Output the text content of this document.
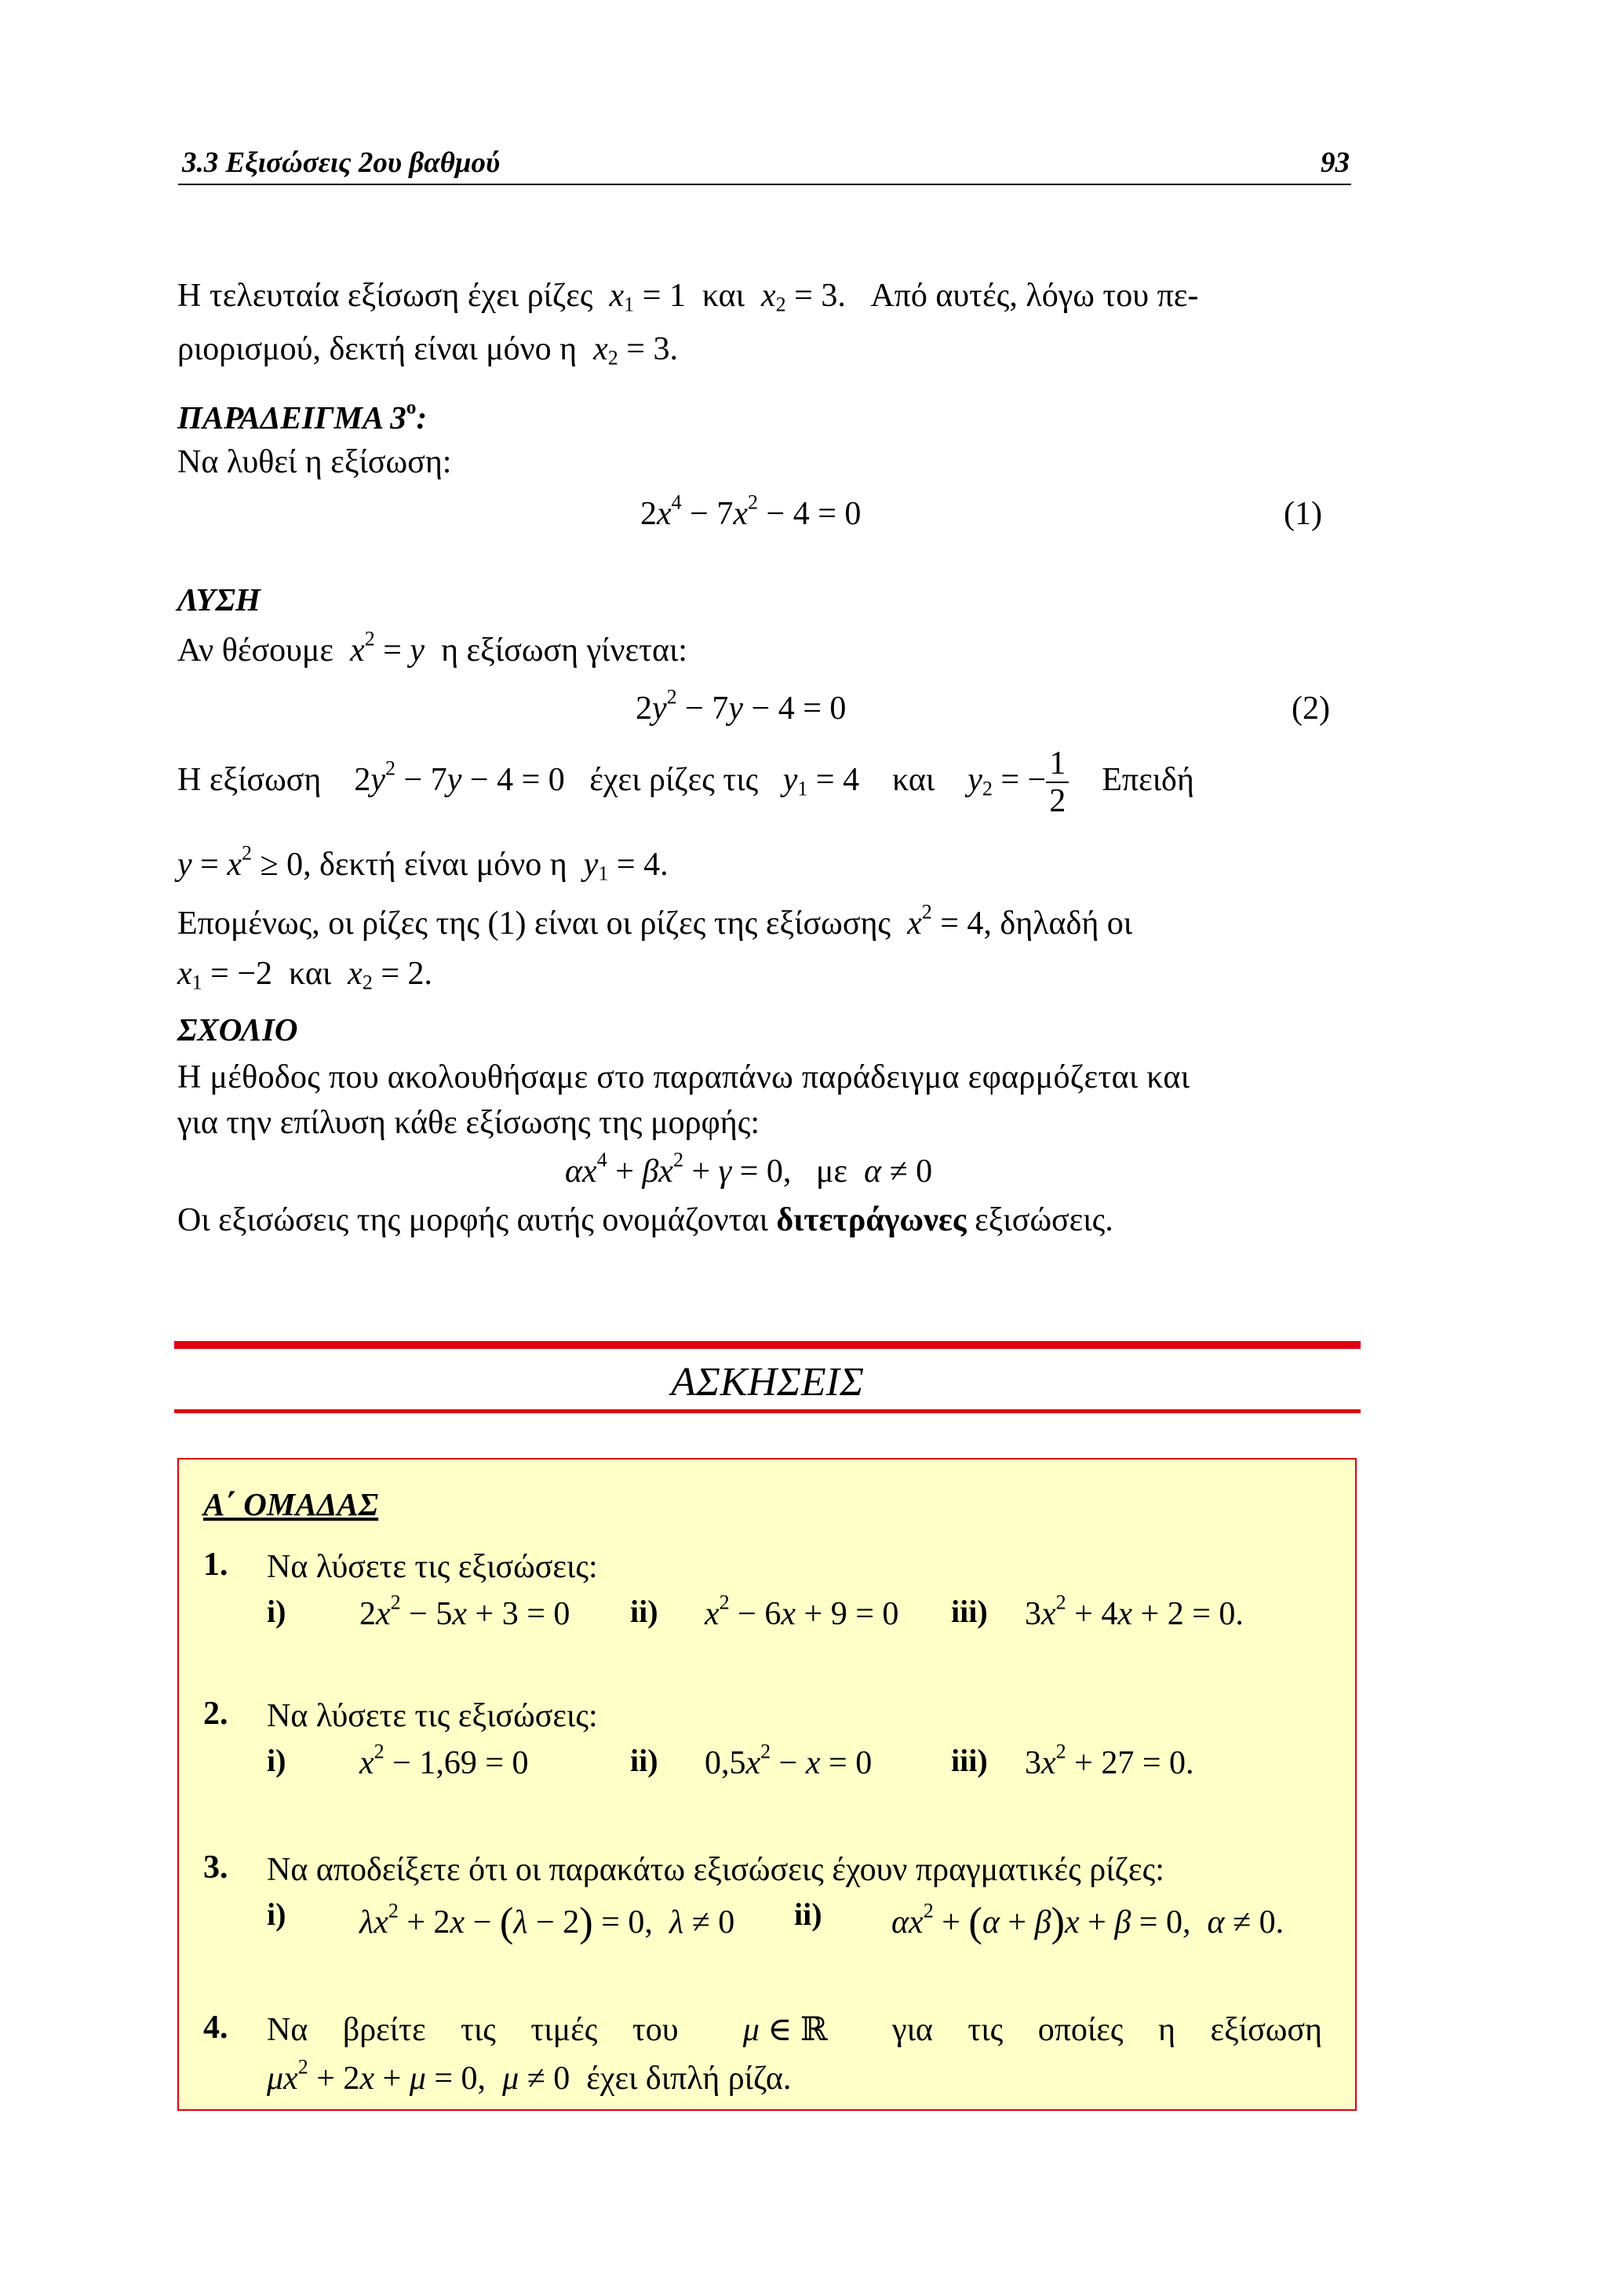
3.3 Εξισώσεις 2ου βαθμού	93
Η τελευταία εξίσωση έχει ρίζες $x_1 = 1$ και $x_2 = 3$. Από αυτές, λόγω του πε-
ριορισμού, δεκτή είναι μόνο η $x_2 = 3$.
ΠΑΡΑΔΕΙΓΜΑ $3^o$:
Να λυθεί η εξίσωση:
$2x^4 - 7x^2 - 4 = 0$	(1)
ΛΥΣΗ
Αν θέσουμε $x^2 = y$ η εξίσωση γίνεται:
$2y^2 - 7y - 4 = 0$	(2)
Η εξίσωση    $2y^2 - 7y - 4 = 0$   έχει ρίζες τις $y_1 = 4$    και $y_2$ = − $\frac{1}{2}$ Επειδή
$y = x^2 \ge 0$, δεκτή είναι μόνο η $y_1 = 4$.
Επομένως, οι ρίζες της (1) είναι οι ρίζες της εξίσωσης $x^2 = 4$, δηλαδή οι
$x_1 = -2$  και $x_2 = 2$.
ΣΧΟΛΙΟ
Η μέθοδος που ακολουθήσαμε στο παραπάνω παράδειγμα εφαρμόζεται και
για την επίλυση κάθε εξίσωσης της μορφής:
$\alpha x^4 + \beta x^2 + \gamma = 0$,   με α ≠ 0
Οι εξισώσεις της μορφής αυτής ονομάζονται διτετράγωνες εξισώσεις.
ΑΣΚΗΣΕΙΣ
Α΄ ΟΜΑΔΑΣ
1. Να λύσετε τις εξισώσεις:
i) $2x^2 - 5x + 3 = 0$ ii) $x^2 - 6x + 9 = 0$ iii) $3x^2 + 4x + 2 = 0$.
2. Να λύσετε τις εξισώσεις:
i) $x^2 - 1,69 = 0$	ii) $0,5x^2 - x = 0$	iii) $3x^2 + 27 = 0$.
3. Να αποδείξετε ότι οι παρακάτω εξισώσεις έχουν πραγματικές ρίζες:
i) $\lambda x^2 + 2x - (\lambda - 2) = 0$,  λ ≠ 0 ii) $\alpha x^2 + (\alpha + \beta)x + \beta = 0$,  α ≠ 0.
4. Να βρείτε τις τιμές του μ ∈ ℝ για τις οποίες η εξίσωση
$\mu x^2 + 2x + \mu = 0$,  μ ≠ 0  έχει διπλή ρίζα.
